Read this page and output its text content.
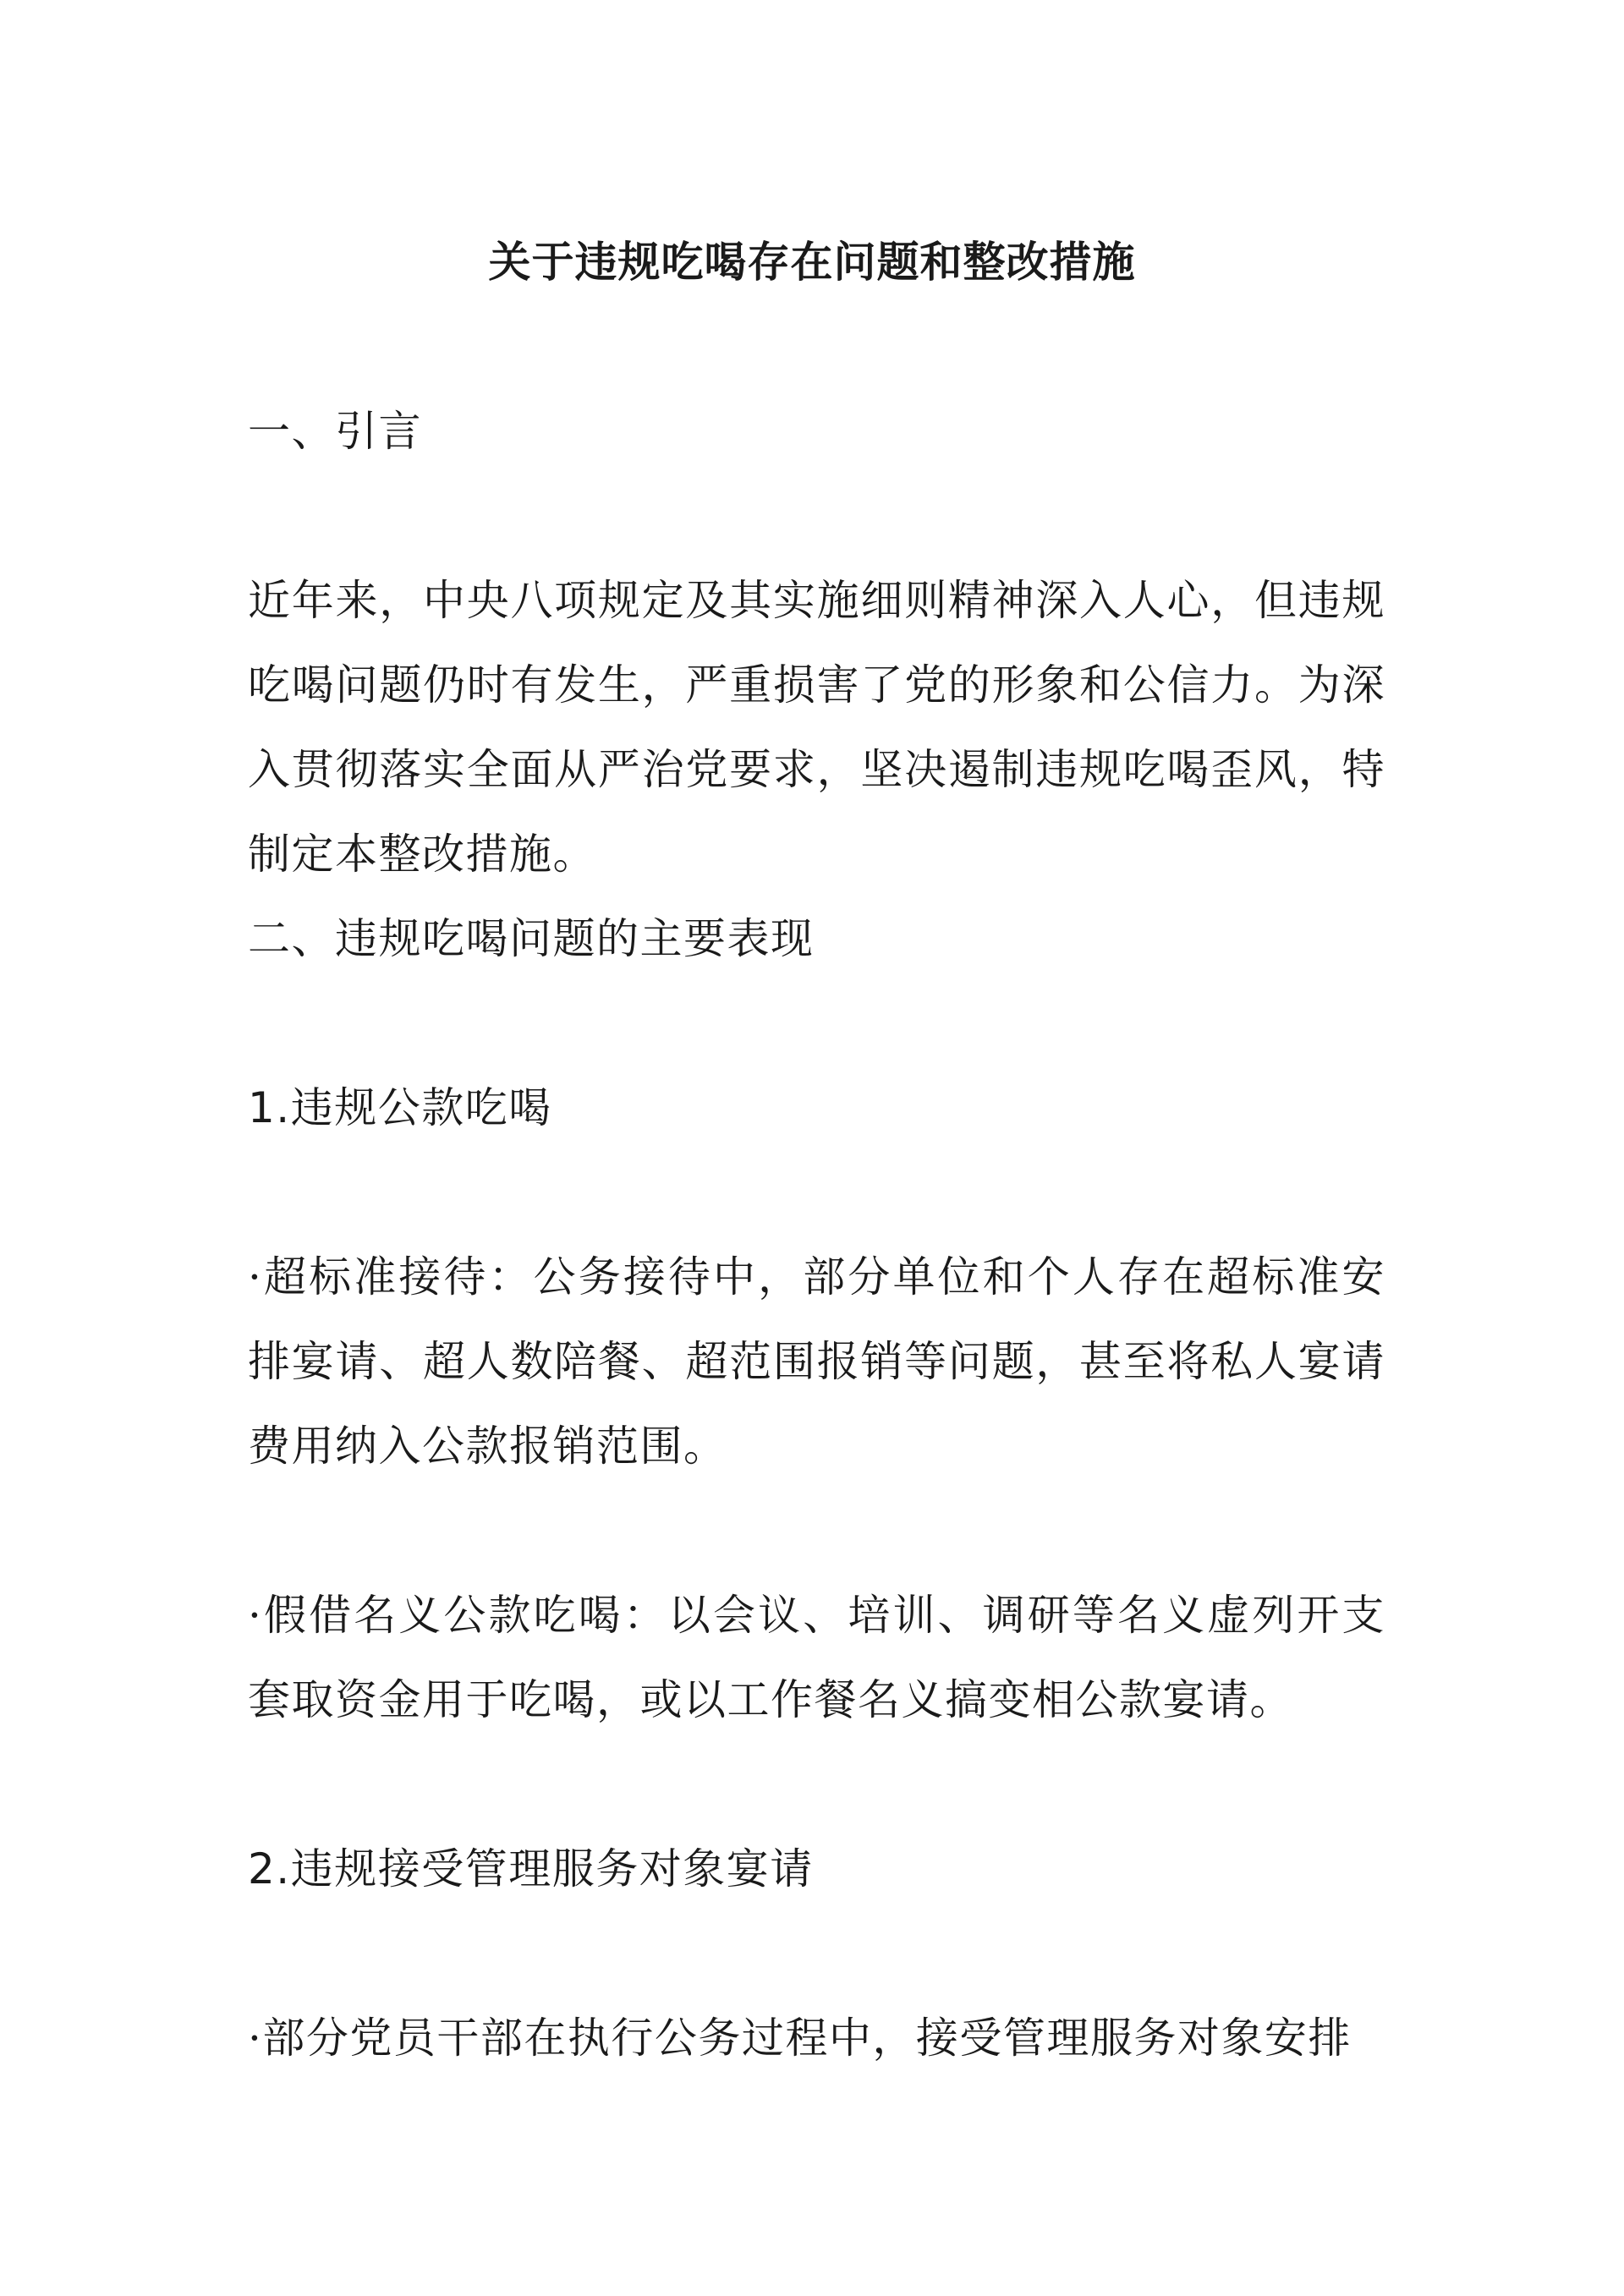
关于违规吃喝存在问题和整改措施

一、引言

近年来，中央八项规定及其实施细则精神深入人心，但违规吃喝问题仍时有发生，严重损害了党的形象和公信力。为深入贯彻落实全面从严治党要求，坚决遏制违规吃喝歪风，特制定本整改措施。

二、违规吃喝问题的主要表现

1.违规公款吃喝

·超标准接待：公务接待中，部分单位和个人存在超标准安排宴请、超人数陪餐、超范围报销等问题，甚至将私人宴请费用纳入公款报销范围。

·假借名义公款吃喝：以会议、培训、调研等名义虚列开支套取资金用于吃喝，或以工作餐名义搞变相公款宴请。

2.违规接受管理服务对象宴请

·部分党员干部在执行公务过程中，接受管理服务对象安排
